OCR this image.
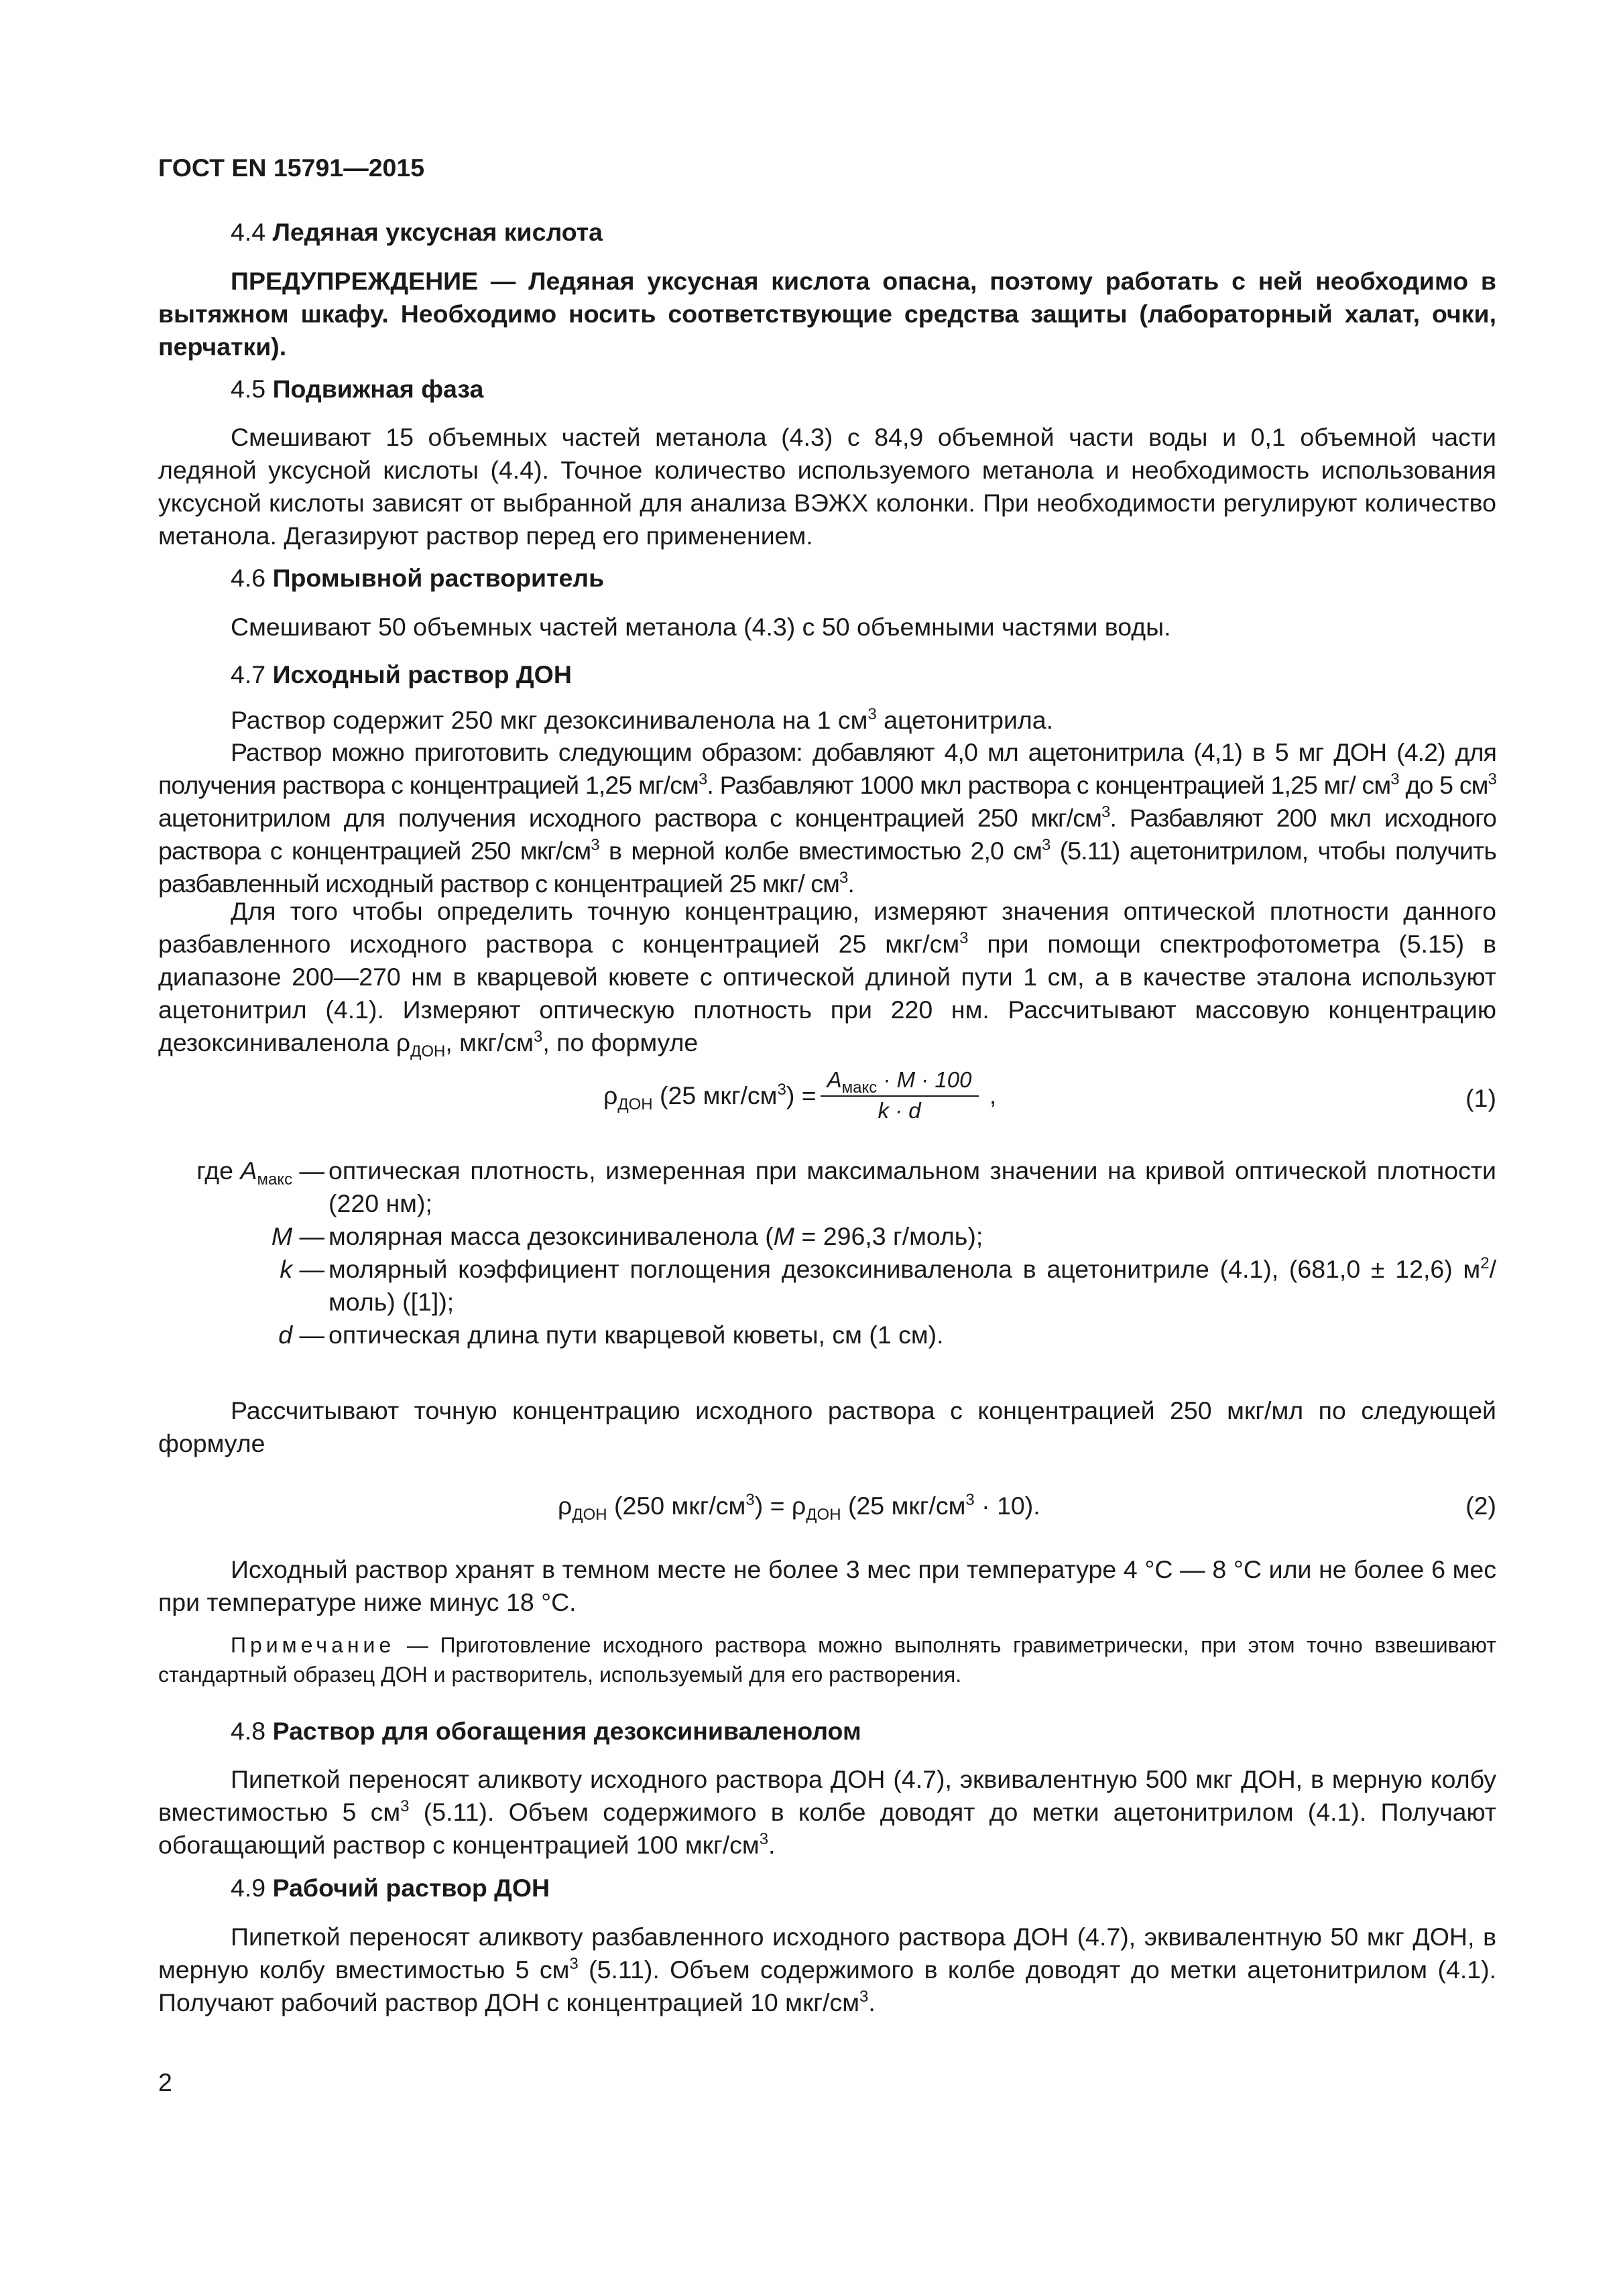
ГОСТ EN 15791—2015

4.4 Ледяная уксусная кислота

ПРЕДУПРЕЖДЕНИЕ — Ледяная уксусная кислота опасна, поэтому работать с ней необходимо в вытяжном шкафу. Необходимо носить соответствующие средства защиты (лабораторный халат, очки, перчатки).

4.5 Подвижная фаза

Смешивают 15 объемных частей метанола (4.3) с 84,9 объемной части воды и 0,1 объемной части ледяной уксусной кислоты (4.4). Точное количество используемого метанола и необходимость использования уксусной кислоты зависят от выбранной для анализа ВЭЖХ колонки. При необходимости регулируют количество метанола. Дегазируют раствор перед его применением.

4.6 Промывной растворитель

Смешивают 50 объемных частей метанола (4.3) с 50 объемными частями воды.

4.7 Исходный раствор ДОН

Раствор содержит 250 мкг дезоксиниваленола на 1 $см^3$ ацетонитрила.

Раствор можно приготовить следующим образом: добавляют 4,0 мл ацетонитрила (4,1) в 5 мг ДОН (4.2) для получения раствора с концентрацией 1,25 $мг/см^3$. Разбавляют 1000 мкл раствора с концентрацией 1,25 мг/ $см^3$ до 5 $см^3$ ацетонитрилом для получения исходного раствора с концентрацией 250 мкг/$см^3$. Разбавляют 200 мкл исходного раствора с концентрацией 250 мкг/$см^3$ в мерной колбе вместимостью 2,0 $см^3$ (5.11) ацетонитрилом, чтобы получить разбавленный исходный раствор с концентрацией 25 мкг/ $см^3$.

Для того чтобы определить точную концентрацию, измеряют значения оптической плотности данного разбавленного исходного раствора с концентрацией 25 мкг/$см^3$ при помощи спектрофотометра (5.15) в диапазоне 200—270 нм в кварцевой кювете с оптической длиной пути 1 см, а в качестве эталона используют ацетонитрил (4.1). Измеряют оптическую плотность при 220 нм. Рассчитывают массовую концентрацию дезоксиниваленола $\rho_{ДОН}$, мкг/$см^3$, по формуле

$\rho_{ДОН}$ (25 мкг/$см^3) = \frac{A_{макс} \cdot M \cdot 100}{k \cdot d}$ ,	(1)
где $A_{макс}$ — оптическая плотность, измеренная при максимальном значении на кривой оптической плотности (220 нм);
M — молярная масса дезоксиниваленола (M = 296,3 г/моль);
k — молярный коэффициент поглощения дезоксиниваленола в ацетонитриле (4.1), (681,0 ± 12,6) $м^2/моль$) ([1]);
d — оптическая длина пути кварцевой кюветы, см (1 см).

Рассчитывают точную концентрацию исходного раствора с концентрацией 250 мкг/мл по следующей формуле

$\rho_{ДОН}$ (250 мкг/$см^3) = \rho_{ДОН}$ (25 мкг/$см^3 \cdot 10$).	(2)

Исходный раствор хранят в темном месте не более 3 мес при температуре 4 °С — 8 °С или не более 6 мес при температуре ниже минус 18 °С.

Примечание — Приготовление исходного раствора можно выполнять гравиметрически, при этом точно взвешивают стандартный образец ДОН и растворитель, используемый для его растворения.

4.8 Раствор для обогащения дезоксиниваленолом

Пипеткой переносят аликвоту исходного раствора ДОН (4.7), эквивалентную 500 мкг ДОН, в мерную колбу вместимостью 5 $см^3$ (5.11). Объем содержимого в колбе доводят до метки ацетонитрилом (4.1). Получают обогащающий раствор с концентрацией 100 мкг/$см^3$.

4.9 Рабочий раствор ДОН

Пипеткой переносят аликвоту разбавленного исходного раствора ДОН (4.7), эквивалентную 50 мкг ДОН, в мерную колбу вместимостью 5 $см^3$ (5.11). Объем содержимого в колбе доводят до метки ацетонитрилом (4.1). Получают рабочий раствор ДОН с концентрацией 10 мкг/$см^3$.

2
